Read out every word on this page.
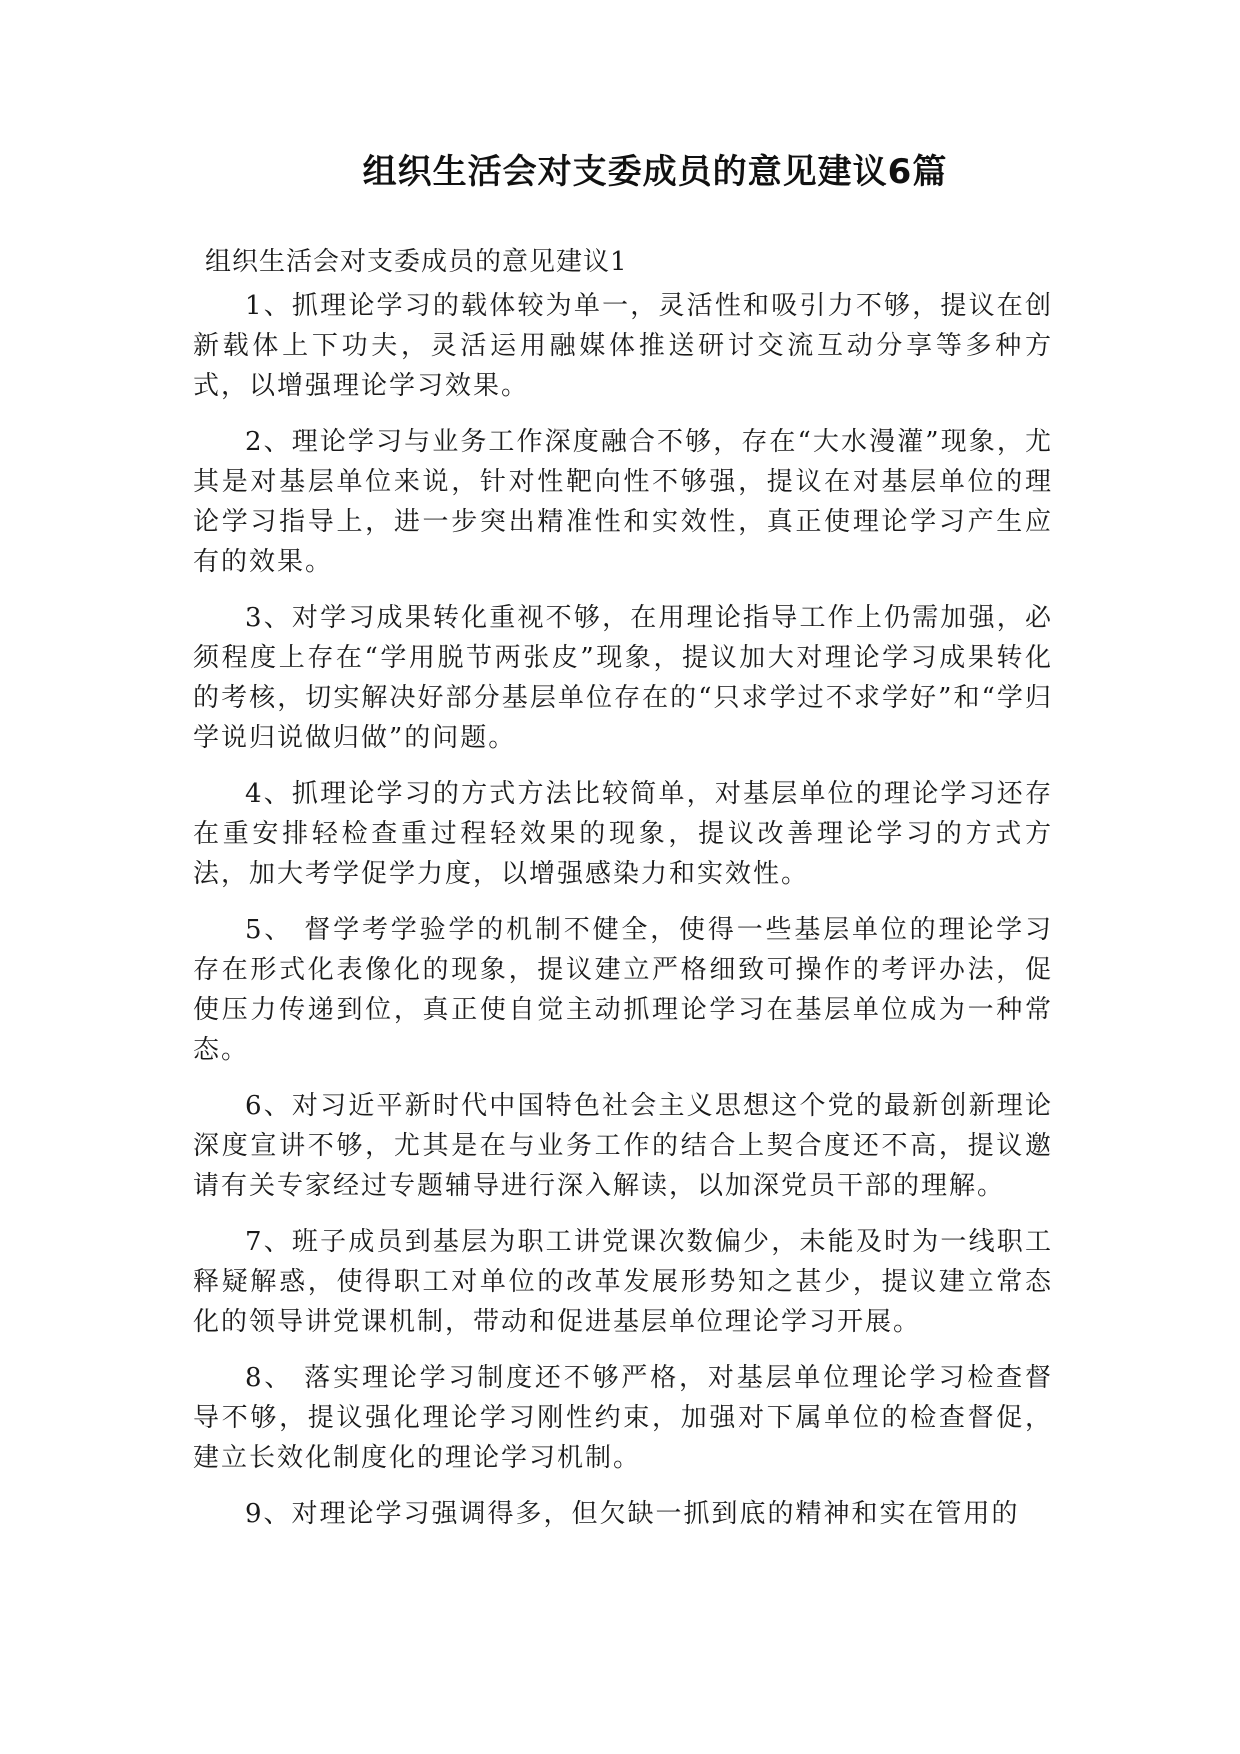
组织生活会对支委成员的意见建议6篇

组织生活会对支委成员的意见建议1

1、抓理论学习的载体较为单一，灵活性和吸引力不够，提议在创新载体上下功夫，灵活运用融媒体推送研讨交流互动分享等多种方式，以增强理论学习效果。

2、理论学习与业务工作深度融合不够，存在“大水漫灌”现象，尤其是对基层单位来说，针对性靶向性不够强，提议在对基层单位的理论学习指导上，进一步突出精准性和实效性，真正使理论学习产生应有的效果。

3、对学习成果转化重视不够，在用理论指导工作上仍需加强，必须程度上存在“学用脱节两张皮”现象，提议加大对理论学习成果转化的考核，切实解决好部分基层单位存在的“只求学过不求学好”和“学归学说归说做归做”的问题。

4、抓理论学习的方式方法比较简单，对基层单位的理论学习还存在重安排轻检查重过程轻效果的现象，提议改善理论学习的方式方法，加大考学促学力度，以增强感染力和实效性。

5、 督学考学验学的机制不健全，使得一些基层单位的理论学习 存在形式化表像化的现象，提议建立严格细致可操作的考评办法，促 使压力传递到位，真正使自觉主动抓理论学习在基层单位成为一种常 态。

6、对习近平新时代中国特色社会主义思想这个党的最新创新理论深度宣讲不够，尤其是在与业务工作的结合上契合度还不高，提议邀请有关专家经过专题辅导进行深入解读，以加深党员干部的理解。

7、班子成员到基层为职工讲党课次数偏少，未能及时为一线职工释疑解惑，使得职工对单位的改革发展形势知之甚少，提议建立常态化的领导讲党课机制，带动和促进基层单位理论学习开展。

8、 落实理论学习制度还不够严格，对基层单位理论学习检查督 导不够，提议强化理论学习刚性约束，加强对下属单位的检查督促， 建立长效化制度化的理论学习机制。

9、对理论学习强调得多，但欠缺一抓到底的精神和实在管用的
